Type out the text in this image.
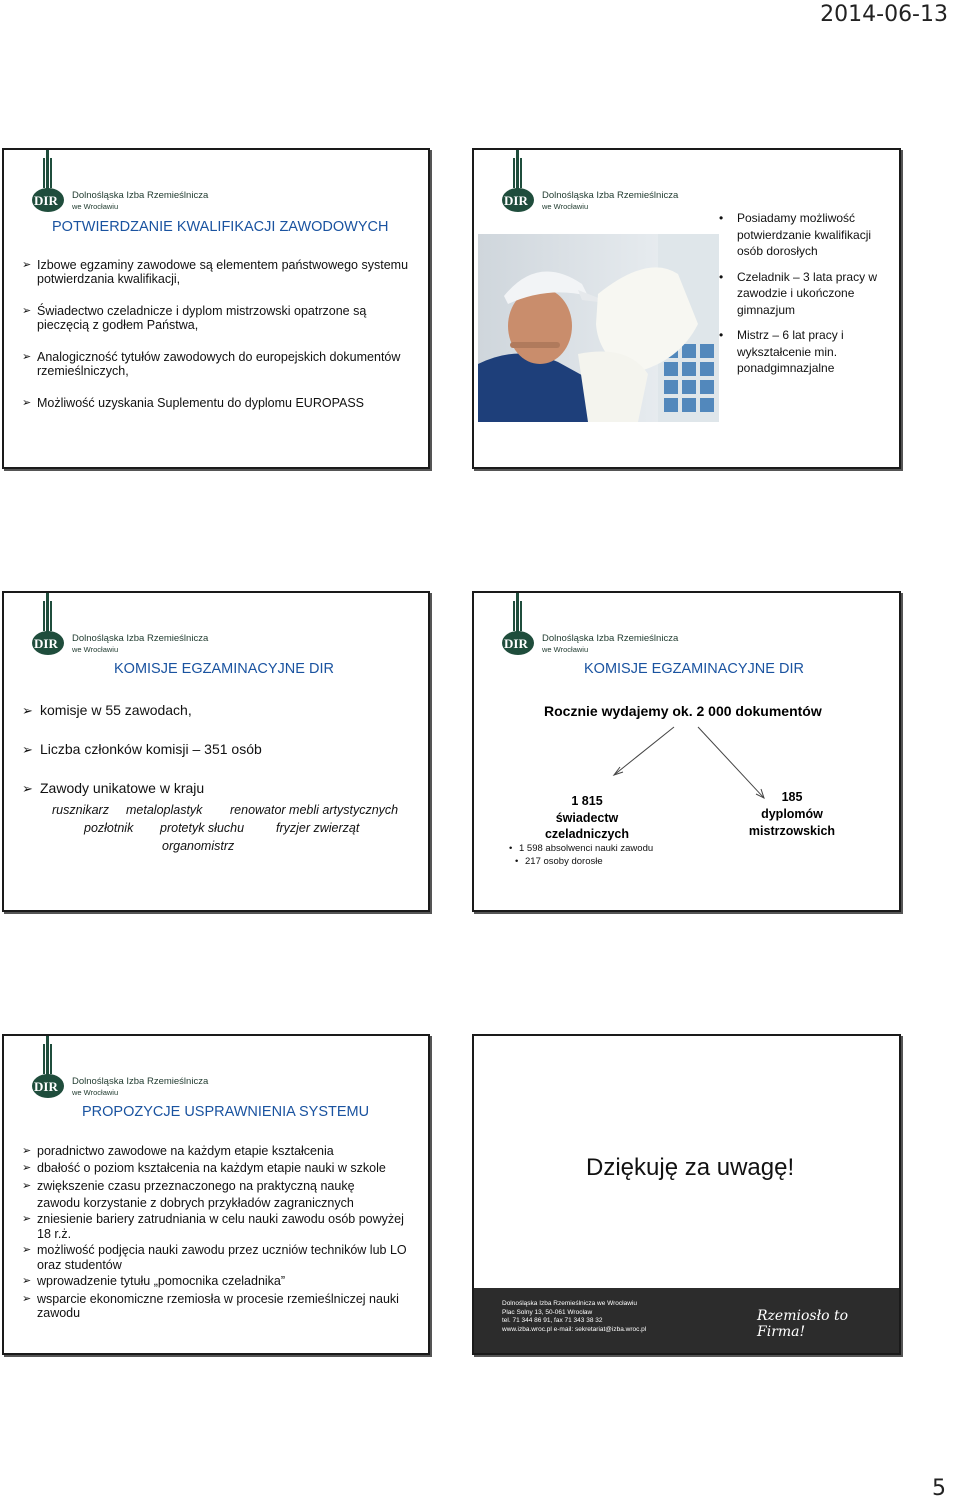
2014-06-13
DIR Dolnośląska Izba Rzemieślnicza
we Wrocławiu
POTWIERDZANIE KWALIFIKACJI ZAWODOWYCH
➢ Izbowe egzaminy zawodowe są elementem państwowego systemu potwierdzania kwalifikacji,
➢ Świadectwo czeladnicze i dyplom mistrzowski opatrzone są pieczęcią z godłem Państwa,
➢ Analogiczność tytułów zawodowych do europejskich dokumentów rzemieślniczych,
➢ Możliwość uzyskania Suplementu do dyplomu EUROPASS
DIR Dolnośląska Izba Rzemieślnicza
we Wrocławiu
• Posiadamy możliwość potwierdzanie kwalifikacji osób dorosłych
• Czeladnik – 3 lata pracy w zawodzie i ukończone gimnazjum
• Mistrz – 6 lat pracy i wykształcenie min. ponadgimnazjalne
DIR Dolnośląska Izba Rzemieślnicza
we Wrocławiu
KOMISJE EGZAMINACYJNE DIR
➢ komisje w 55 zawodach,
➢ Liczba członków komisji – 351 osób
➢ Zawody unikatowe w kraju
rusznikarz metaloplastyk renowator mebli artystycznych
pozłotnik protetyk słuchu	fryzjer zwierząt
organomistrz
DIR Dolnośląska Izba Rzemieślnicza
we Wrocławiu
KOMISJE EGZAMINACYJNE DIR
Rocznie wydajemy ok. 2 000 dokumentów
1 815
świadectw
czeladniczych
• 1 598 absolwenci nauki zawodu
• 217 osoby dorosłe
185
dyplomów
mistrzowskich
DIR Dolnośląska Izba Rzemieślnicza
we Wrocławiu
PROPOZYCJE USPRAWNIENIA SYSTEMU
➢ poradnictwo zawodowe na każdym etapie kształcenia
➢ dbałość o poziom kształcenia na każdym etapie nauki w szkole
➢ zwiększenie czasu przeznaczonego na praktyczną naukę zawodu korzystanie z dobrych przykładów zagranicznych
➢ zniesienie bariery zatrudniania w celu nauki zawodu osób powyżej 18 r.ż.
➢ możliwość podjęcia nauki zawodu przez uczniów techników lub LO oraz studentów
➢ wprowadzenie tytułu „pomocnika czeladnika”
➢ wsparcie ekonomiczne rzemiosła w procesie rzemieślniczej nauki zawodu
Dziękuję za uwagę!
Dolnośląska Izba Rzemieślnicza we Wrocławiu
Plac Solny 13, 50-061 Wrocław
tel. 71 344 86 91, fax 71 343 38 32
www.izba.wroc.pl e-mail: sekretariat@izba.wroc.pl
Rzemiosło to Firma!
5
